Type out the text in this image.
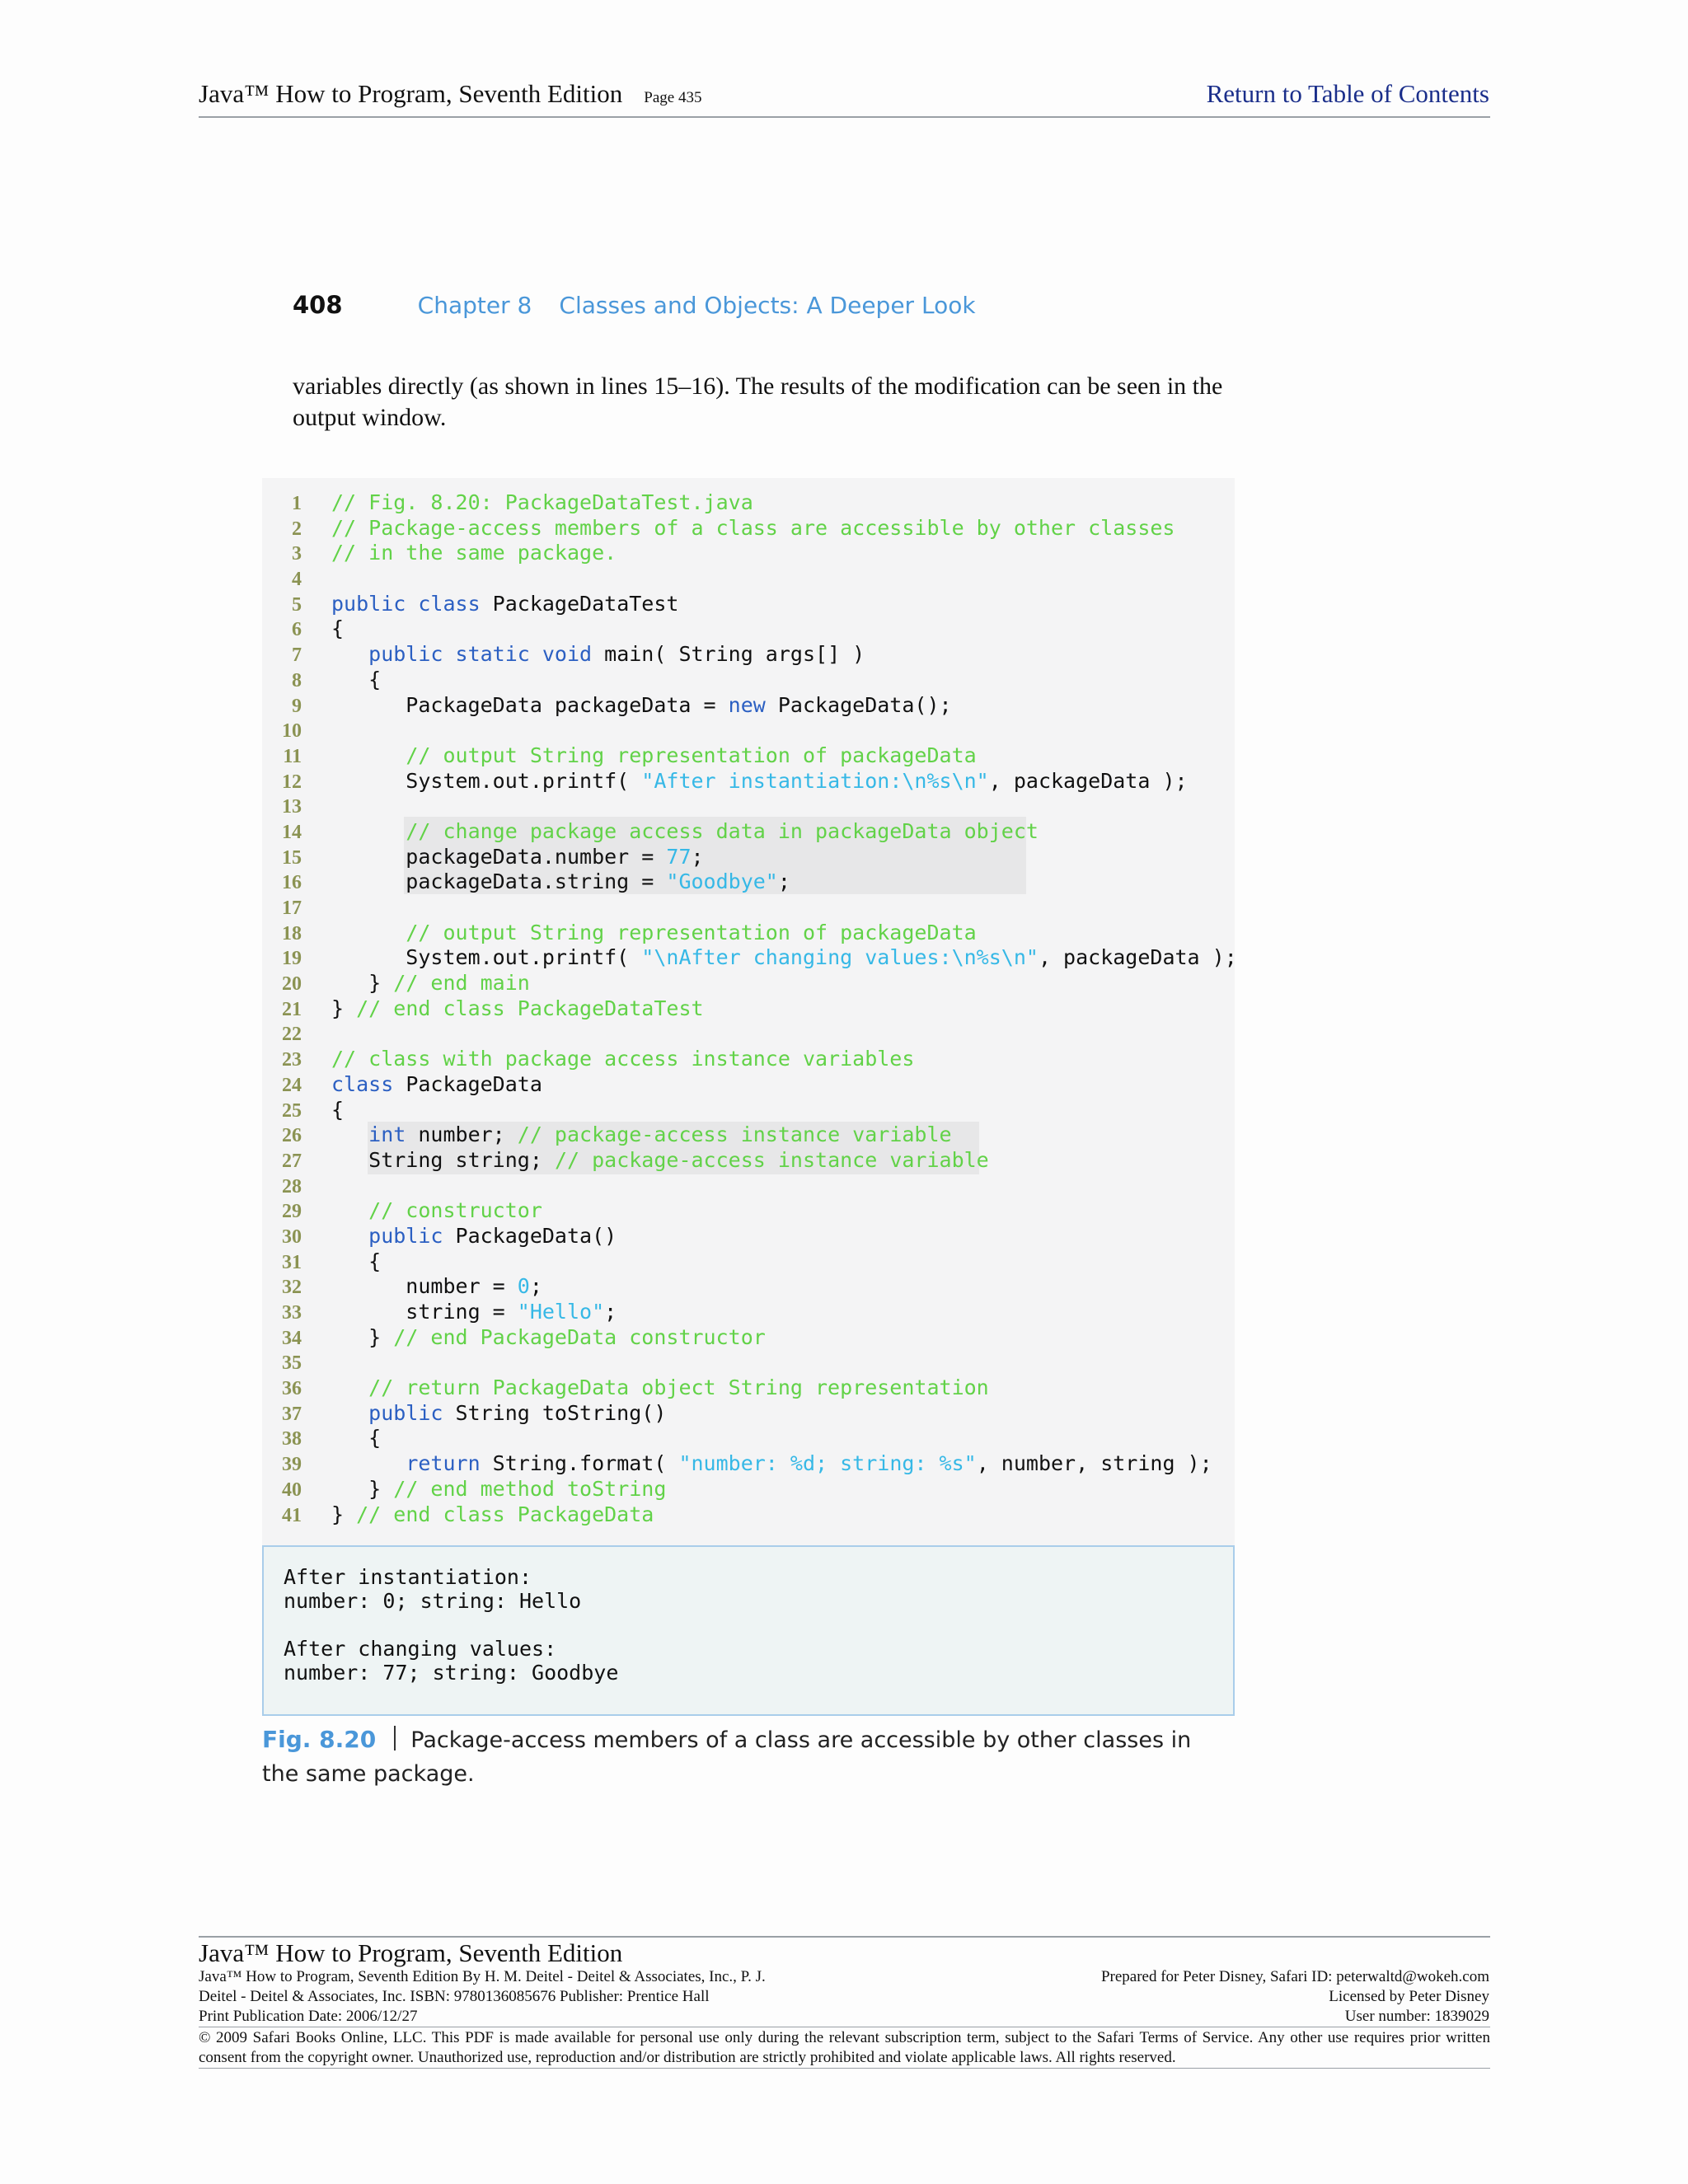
Java™ How to Program, Seventh Edition Page 435	Return to Table of Contents
408	Chapter 8 Classes and Objects: A Deeper Look
variables directly (as shown in lines 15–16). The results of the modification can be seen in the output window.
1 // Fig. 8.20: PackageDataTest.java
2 // Package-access members of a class are accessible by other classes
3 // in the same package.
4
5 public class PackageDataTest
6 {
7	public static void main( String args[] )
8   {
9      PackageData packageData = new PackageData();
10
11	// output String representation of packageData
12      System.out.printf( "After instantiation:\n%s\n", packageData );
13
14	// change package access data in packageData object
15      packageData.number = 77;
16      packageData.string = "Goodbye";
17
18	// output String representation of packageData
19      System.out.printf( "\nAfter changing values:\n%s\n", packageData );
20   } // end main
21 } // end class PackageDataTest
22
23 // class with package access instance variables
24 class PackageData
25 {
26	int number; // package-access instance variable
27   String string; // package-access instance variable
28
29	// constructor
30	public PackageData()
31   {
32      number = 0;
33      string = "Hello";
34   } // end PackageData constructor
35
36	// return PackageData object String representation
37	public String toString()
38   {
39	return String.format( "number: %d; string: %s", number, string );
40   } // end method toString
41 } // end class PackageData
After instantiation:
number: 0; string: Hello

After changing values:
number: 77; string: Goodbye
Fig. 8.20 Package-access members of a class are accessible by other classes in the same package.
Java™ How to Program, Seventh Edition
Java™ How to Program, Seventh Edition By H. M. Deitel - Deitel & Associates, Inc., P. J.
Deitel - Deitel & Associates, Inc. ISBN: 9780136085676 Publisher: Prentice Hall
Print Publication Date: 2006/12/27
Prepared for Peter Disney, Safari ID: peterwaltd@wokeh.com
Licensed by Peter Disney
User number: 1839029
© 2009 Safari Books Online, LLC. This PDF is made available for personal use only during the relevant subscription term, subject to the Safari Terms of Service. Any other use requires prior written consent from the copyright owner. Unauthorized use, reproduction and/or distribution are strictly prohibited and violate applicable laws. All rights reserved.
